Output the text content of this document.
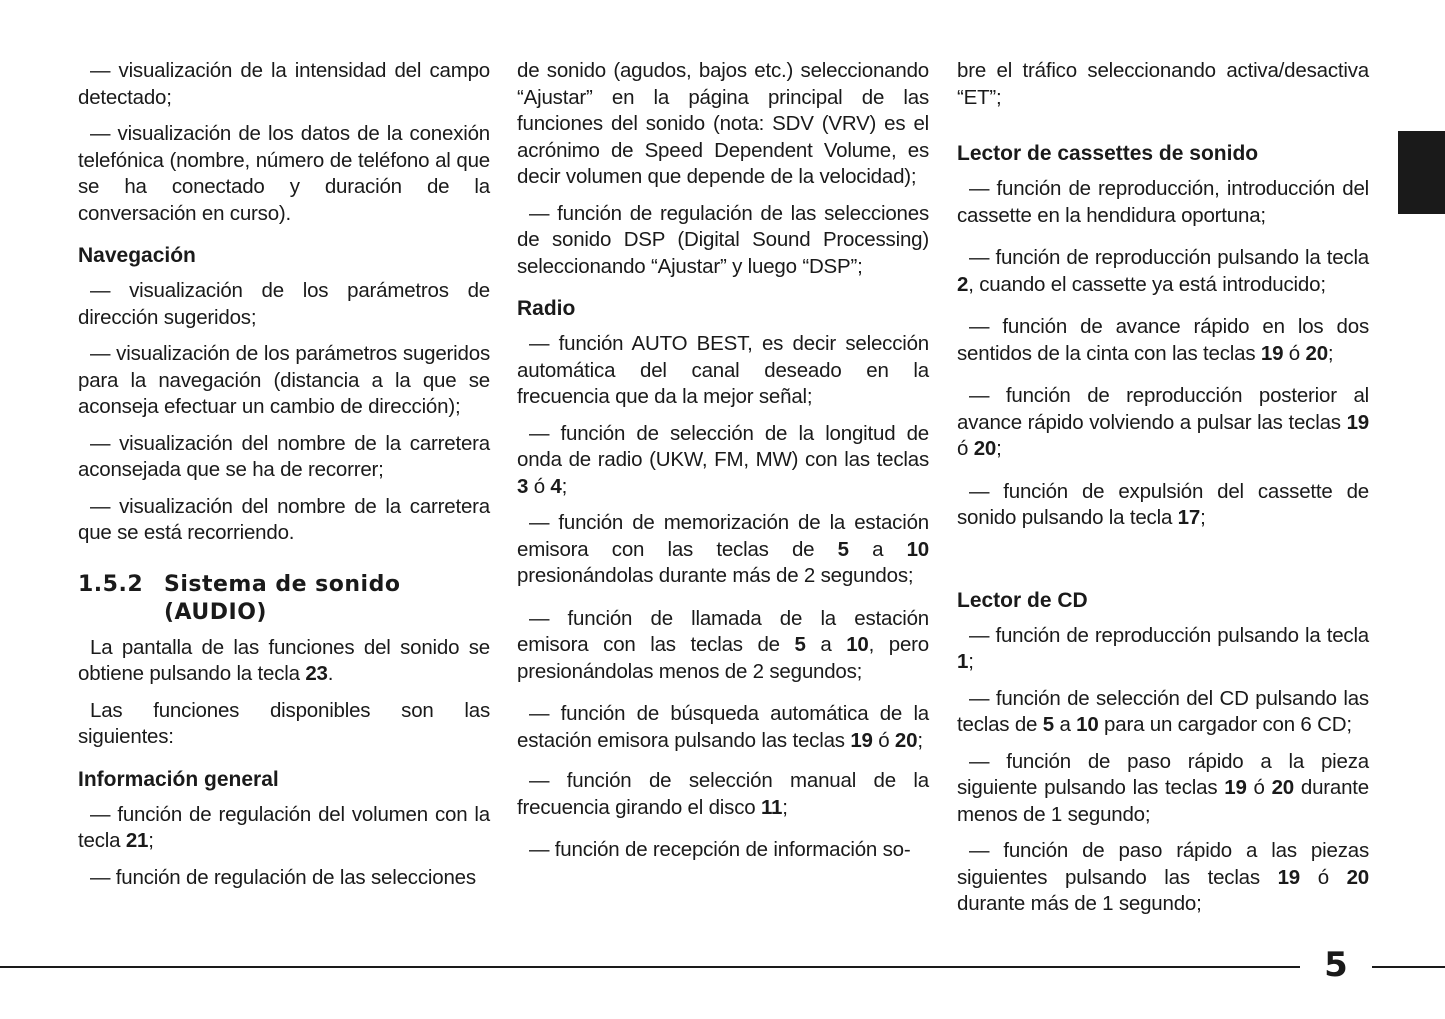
— visualización de la intensidad del campo detectado;

— visualización de los datos de la conexión telefónica (nombre, número de teléfono al que se ha conectado y duración de la conversación en curso).

Navegación

— visualización de los parámetros de dirección sugeridos;

— visualización de los parámetros sugeridos para la navegación (distancia a la que se aconseja efectuar un cambio de dirección);

— visualización del nombre de la carretera aconsejada que se ha de recorrer;

— visualización del nombre de la carretera que se está recorriendo.

1.5.2 Sistema de sonido
(AUDIO)

La pantalla de las funciones del sonido se obtiene pulsando la tecla 23.

Las funciones disponibles son las siguientes:

Información general

— función de regulación del volumen con la tecla 21;

— función de regulación de las selecciones

de sonido (agudos, bajos etc.) seleccionando “Ajustar” en la página principal de las funciones del sonido (nota: SDV (VRV) es el acrónimo de Speed Dependent Volume, es decir volumen que depende de la velocidad);

— función de regulación de las selecciones de sonido DSP (Digital Sound Processing) seleccionando “Ajustar” y luego “DSP”;

Radio

— función AUTO BEST, es decir selección automática del canal deseado en la frecuencia que da la mejor señal;

— función de selección de la longitud de onda de radio (UKW, FM, MW) con las teclas 3 ó 4;

— función de memorización de la estación emisora con las teclas de 5 a 10 presionándolas durante más de 2 segundos;

— función de llamada de la estación emisora con las teclas de 5 a 10, pero presionándolas menos de 2 segundos;

— función de búsqueda automática de la estación emisora pulsando las teclas 19 ó 20;

— función de selección manual de la frecuencia girando el disco 11;

— función de recepción de información so-

bre el tráfico seleccionando activa/desactiva “ET”;

Lector de cassettes de sonido

— función de reproducción, introducción del cassette en la hendidura oportuna;

— función de reproducción pulsando la tecla 2, cuando el cassette ya está introducido;

— función de avance rápido en los dos sentidos de la cinta con las teclas 19 ó 20;

— función de reproducción posterior al avance rápido volviendo a pulsar las teclas 19 ó 20;

— función de expulsión del cassette de sonido pulsando la tecla 17;

Lector de CD

— función de reproducción pulsando la tecla 1;

— función de selección del CD pulsando las teclas de 5 a 10 para un cargador con 6 CD;

— función de paso rápido a la pieza siguiente pulsando las teclas 19 ó 20 durante menos de 1 segundo;

— función de paso rápido a las piezas siguientes pulsando las teclas 19 ó 20 durante más de 1 segundo;

5
